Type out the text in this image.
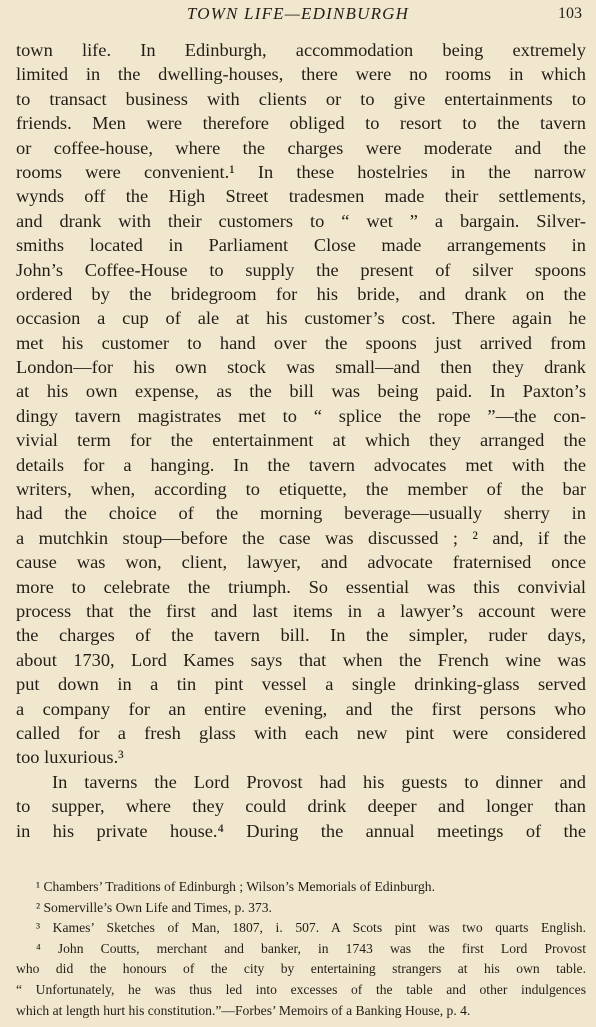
TOWN LIFE—EDINBURGH	103
town life. In Edinburgh, accommodation being extremely
limited in the dwelling-houses, there were no rooms in which
to transact business with clients or to give entertainments to
friends. Men were therefore obliged to resort to the tavern
or coffee-house, where the charges were moderate and the
rooms were convenient.¹ In these hostelries in the narrow
wynds off the High Street tradesmen made their settlements,
and drank with their customers to “ wet ” a bargain. Silver-
smiths located in Parliament Close made arrangements in
John’s Coffee-House to supply the present of silver spoons
ordered by the bridegroom for his bride, and drank on the
occasion a cup of ale at his customer’s cost. There again he
met his customer to hand over the spoons just arrived from
London—for his own stock was small—and then they drank
at his own expense, as the bill was being paid. In Paxton’s
dingy tavern magistrates met to “ splice the rope ”—the con-
vivial term for the entertainment at which they arranged the
details for a hanging. In the tavern advocates met with the
writers, when, according to etiquette, the member of the bar
had the choice of the morning beverage—usually sherry in
a mutchkin stoup—before the case was discussed ; ² and, if the
cause was won, client, lawyer, and advocate fraternised once
more to celebrate the triumph. So essential was this convivial
process that the first and last items in a lawyer’s account were
the charges of the tavern bill. In the simpler, ruder days,
about 1730, Lord Kames says that when the French wine was
put down in a tin pint vessel a single drinking-glass served
a company for an entire evening, and the first persons who
called for a fresh glass with each new pint were considered
too luxurious.³
In taverns the Lord Provost had his guests to dinner and
to supper, where they could drink deeper and longer than
in his private house.⁴ During the annual meetings of the
¹ Chambers’ Traditions of Edinburgh ; Wilson’s Memorials of Edinburgh.
² Somerville’s Own Life and Times, p. 373.
³ Kames’ Sketches of Man, 1807, i. 507. A Scots pint was two quarts English.
⁴ John Coutts, merchant and banker, in 1743 was the first Lord Provost
who did the honours of the city by entertaining strangers at his own table.
“ Unfortunately, he was thus led into excesses of the table and other indulgences
which at length hurt his constitution.”—Forbes’ Memoirs of a Banking House, p. 4.
